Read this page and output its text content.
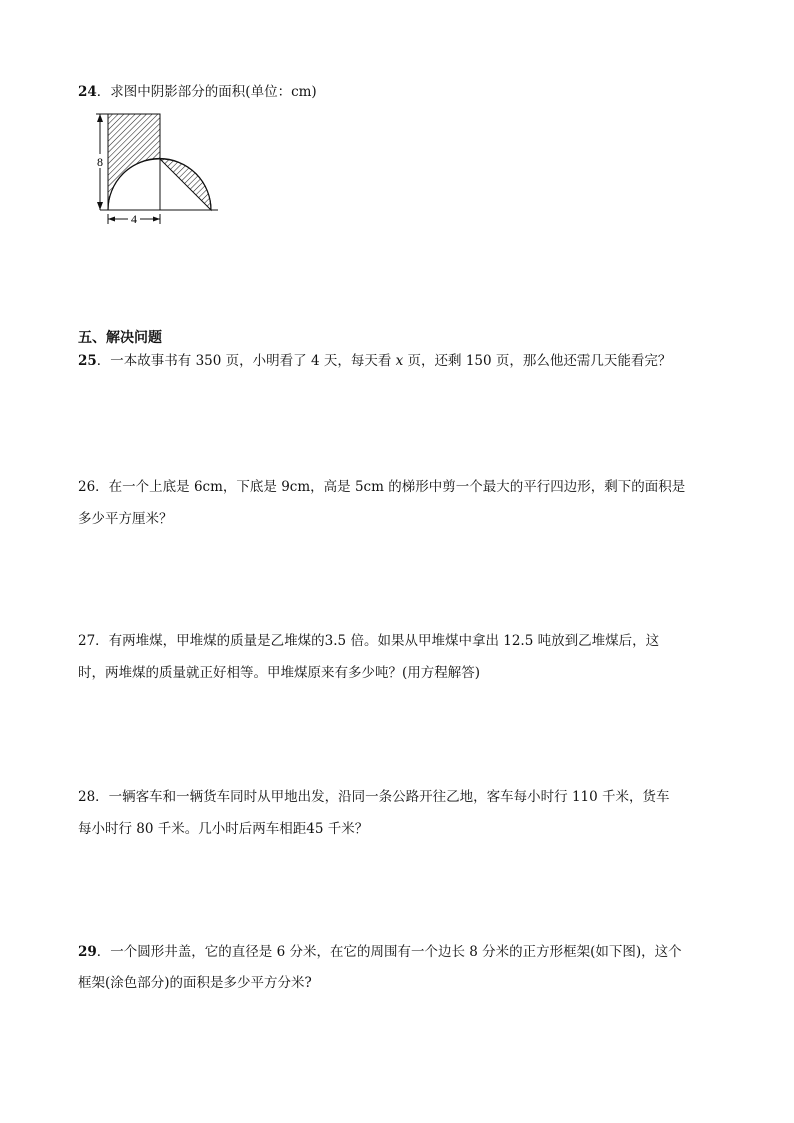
24．求图中阴影部分的面积(单位：cm)
8
4
五、解决问题
25．一本故事书有 350 页，小明看了 4 天，每天看 x 页，还剩 150 页，那么他还需几天能看完？
26．在一个上底是 6cm，下底是 9cm，高是 5cm 的梯形中剪一个最大的平行四边形，剩下的面积是
多少平方厘米？
27．有两堆煤，甲堆煤的质量是乙堆煤的3.5 倍。如果从甲堆煤中拿出 12.5 吨放到乙堆煤后，这
时，两堆煤的质量就正好相等。甲堆煤原来有多少吨？(用方程解答)
28．一辆客车和一辆货车同时从甲地出发，沿同一条公路开往乙地，客车每小时行 110 千米，货车
每小时行 80 千米。几小时后两车相距45 千米？
29．一个圆形井盖，它的直径是 6 分米，在它的周围有一个边长 8 分米的正方形框架(如下图)，这个
框架(涂色部分)的面积是多少平方分米?
